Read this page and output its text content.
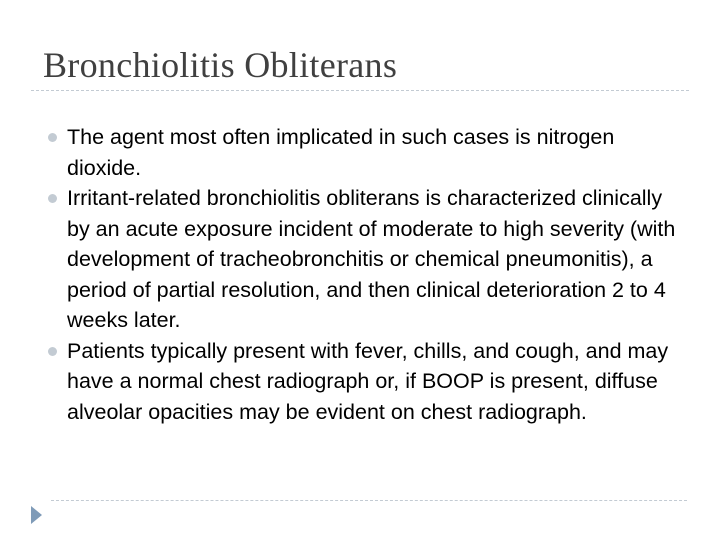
Bronchiolitis Obliterans
The agent most often implicated in such cases is nitrogen dioxide.
Irritant-related bronchiolitis obliterans is characterized clinically by an acute exposure incident of moderate to high severity (with development of tracheobronchitis or chemical pneumonitis), a period of partial resolution, and then clinical deterioration 2 to 4 weeks later.
Patients typically present with fever, chills, and cough, and may have a normal chest radiograph or, if BOOP is present, diffuse alveolar opacities may be evident on chest radiograph.
